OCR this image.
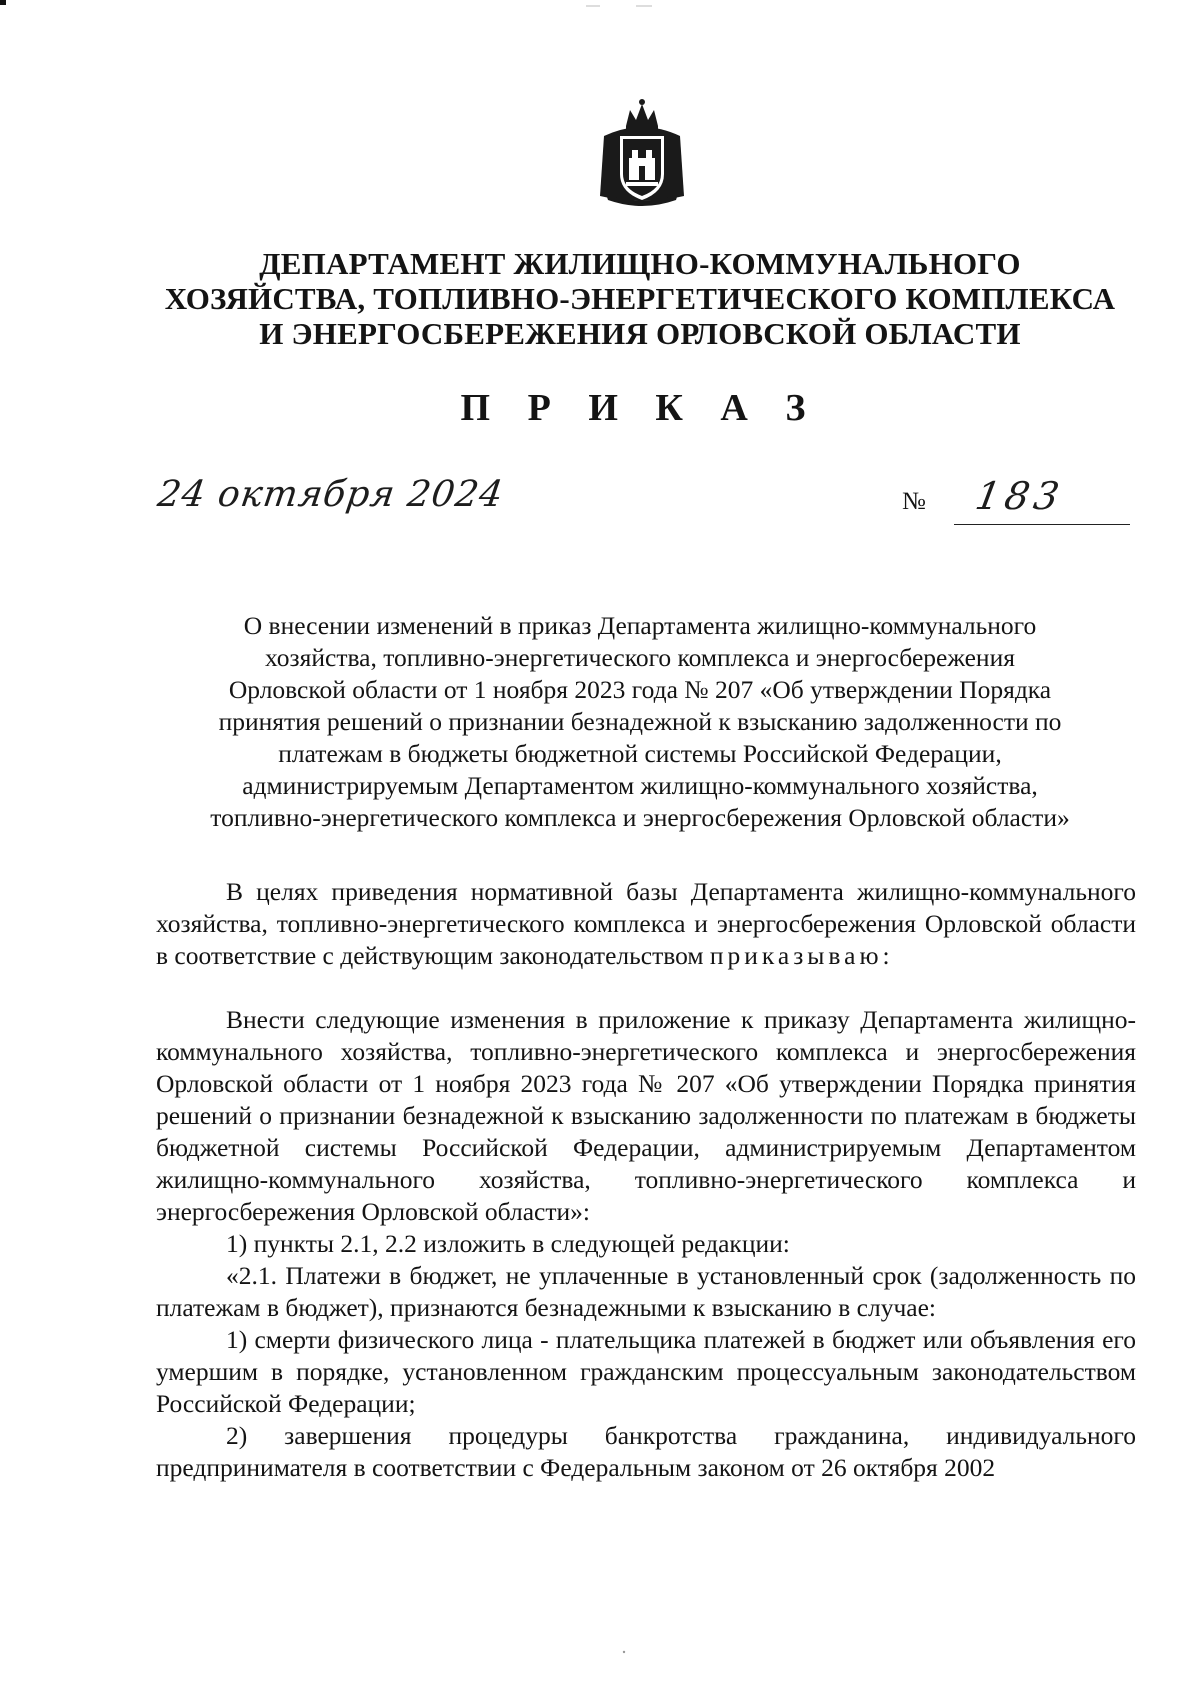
ДЕПАРТАМЕНТ ЖИЛИЩНО-КОММУНАЛЬНОГО
ХОЗЯЙСТВА, ТОПЛИВНО-ЭНЕРГЕТИЧЕСКОГО КОМПЛЕКСА
И ЭНЕРГОСБЕРЕЖЕНИЯ ОРЛОВСКОЙ ОБЛАСТИ
П Р И К А З
24 октября 2024	№ 183
О внесении изменений в приказ Департамента жилищно-коммунального
хозяйства, топливно-энергетического комплекса и энергосбережения
Орловской области от 1 ноября 2023 года № 207 «Об утверждении Порядка
принятия решений о признании безнадежной к взысканию задолженности по
платежам в бюджеты бюджетной системы Российской Федерации,
администрируемым Департаментом жилищно-коммунального хозяйства,
топливно-энергетического комплекса и энергосбережения Орловской области»

В целях приведения нормативной базы Департамента жилищно-коммунального хозяйства, топливно-энергетического комплекса и энергосбережения Орловской области в соответствие с действующим законодательством приказываю:

Внести следующие изменения в приложение к приказу Департамента жилищно-коммунального хозяйства, топливно-энергетического комплекса и энергосбережения Орловской области от 1 ноября 2023 года № 207 «Об утверждении Порядка принятия решений о признании безнадежной к взысканию задолженности по платежам в бюджеты бюджетной системы Российской Федерации, администрируемым Департаментом жилищно-коммунального хозяйства, топливно-энергетического комплекса и энергосбережения Орловской области»:

1) пункты 2.1, 2.2 изложить в следующей редакции:

«2.1. Платежи в бюджет, не уплаченные в установленный срок (задолженность по платежам в бюджет), признаются безнадежными к взысканию в случае:

1) смерти физического лица - плательщика платежей в бюджет или объявления его умершим в порядке, установленном гражданским процессуальным законодательством Российской Федерации;

2) завершения процедуры банкротства гражданина, индивидуального предпринимателя в соответствии с Федеральным законом от 26 октября 2002
